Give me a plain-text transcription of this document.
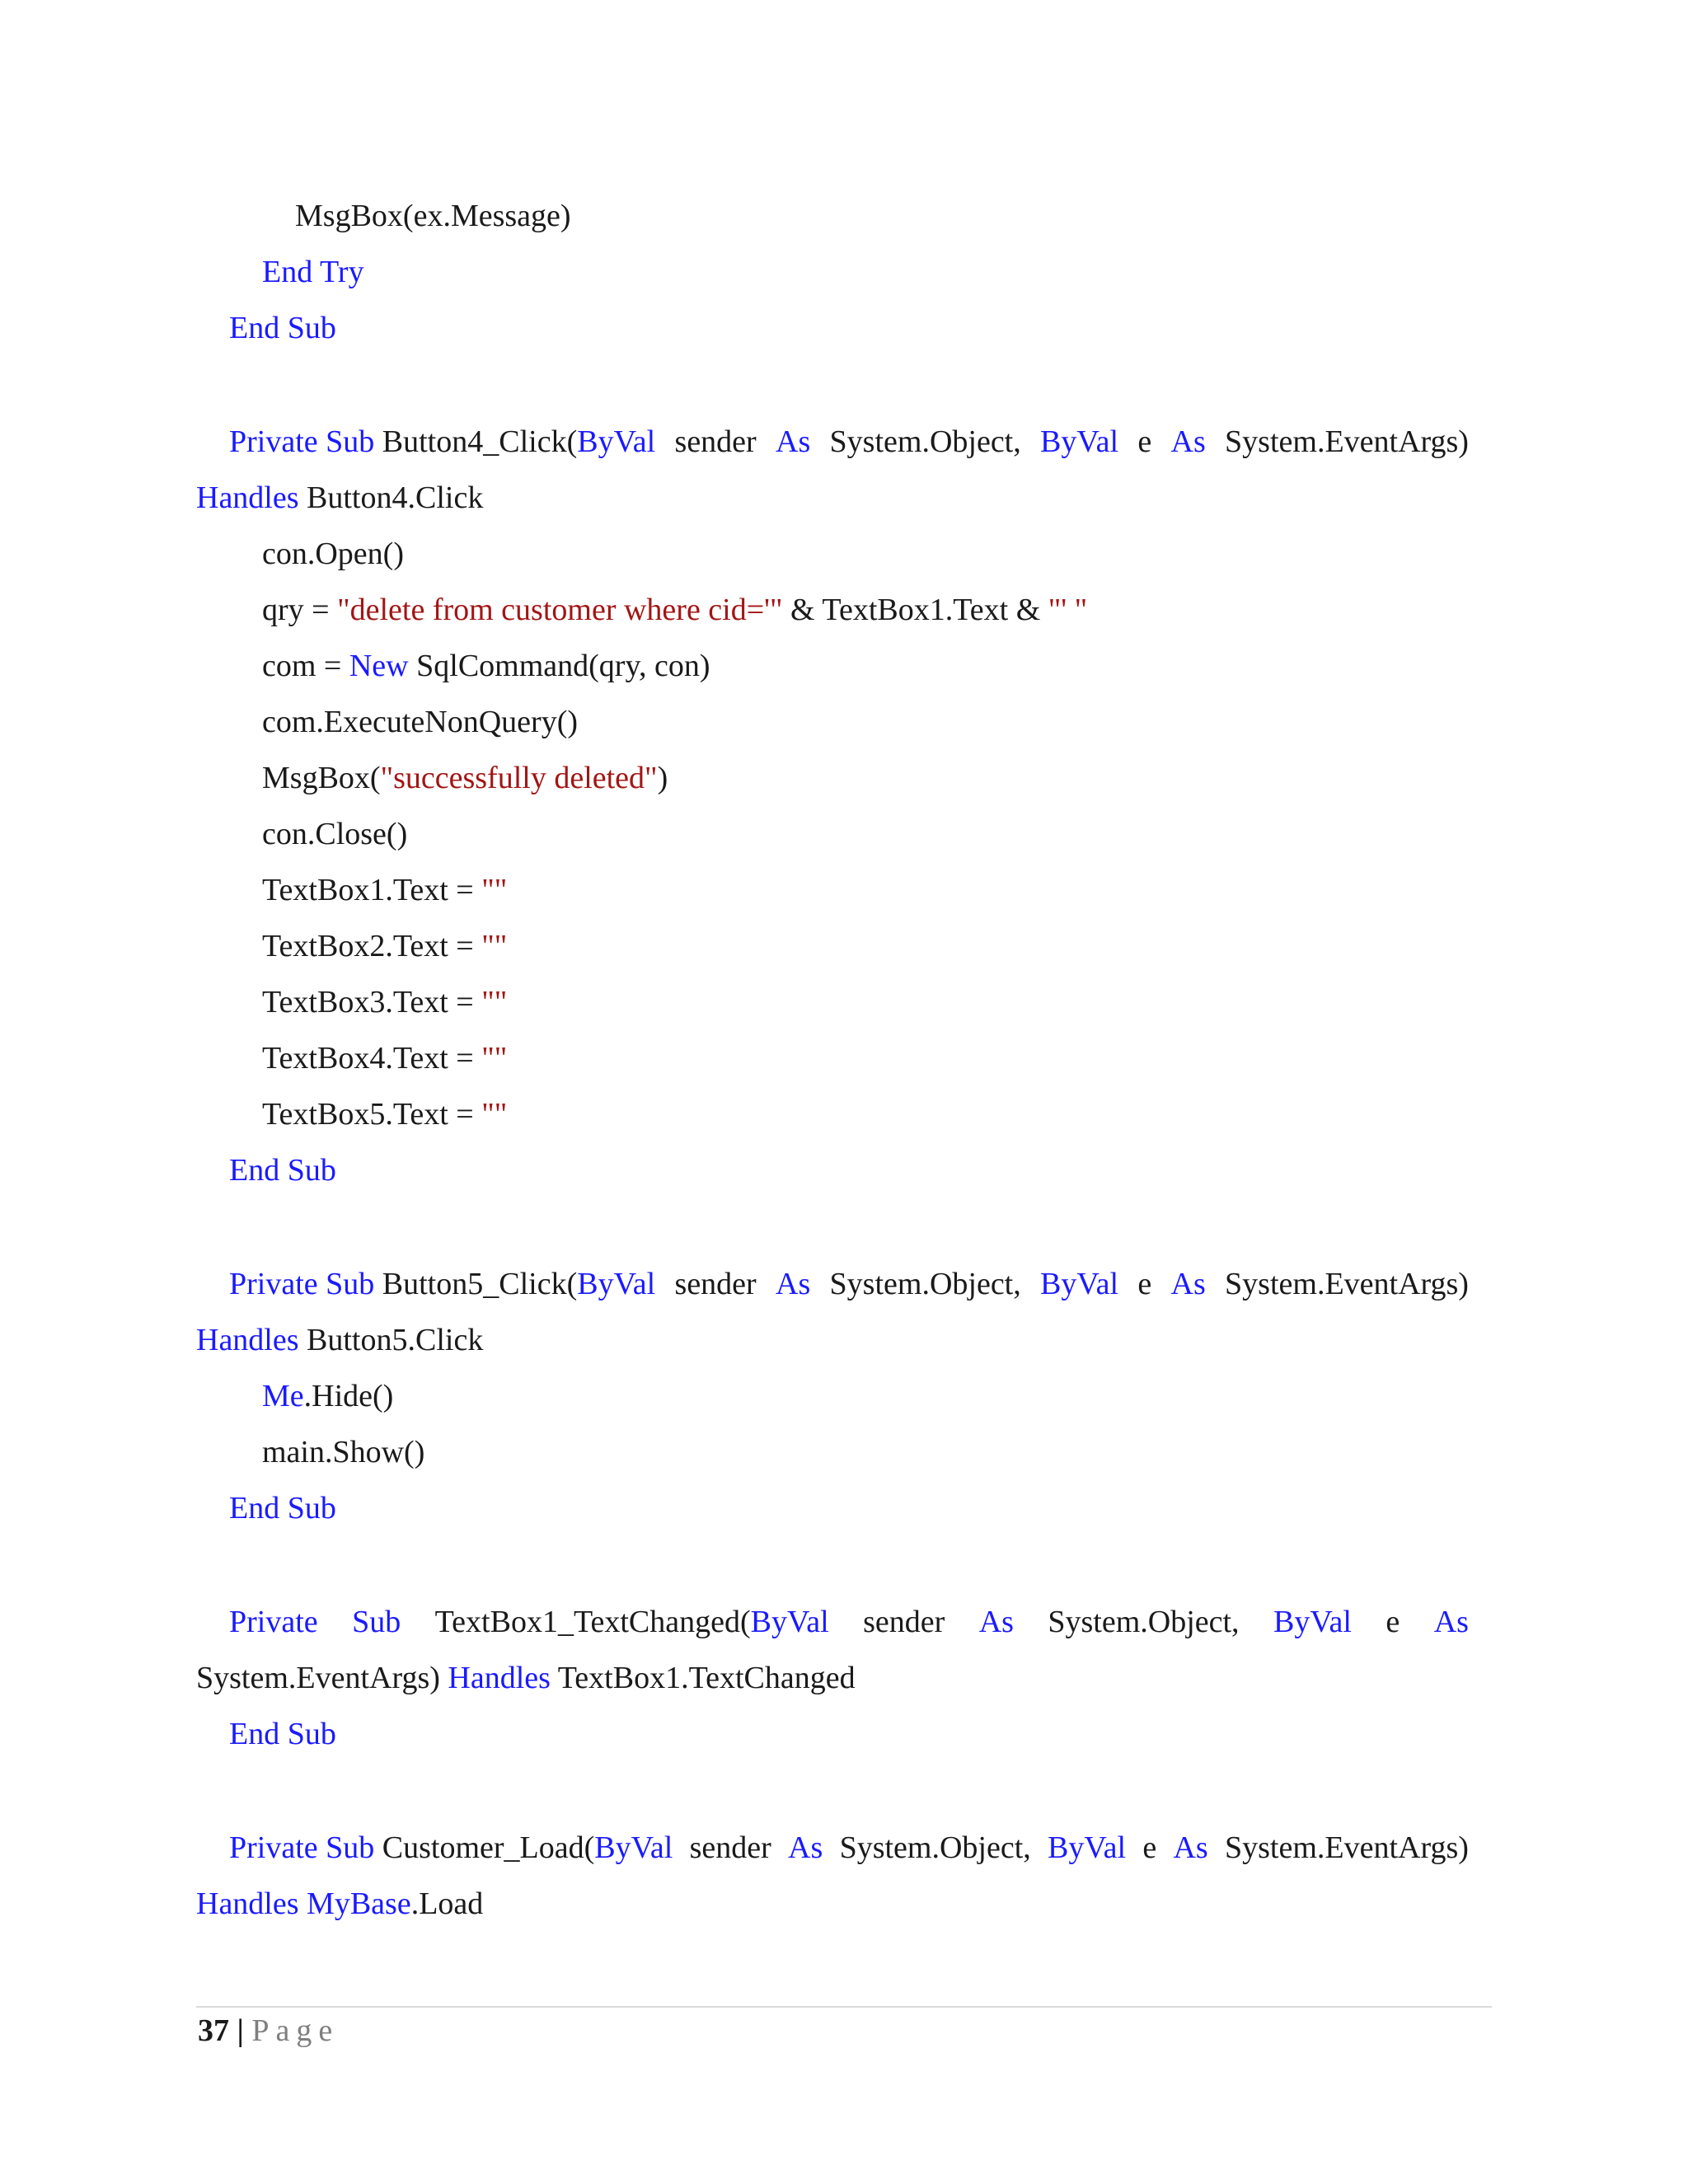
MsgBox(ex.Message)
End Try
End Sub
Private Sub Button4_Click(ByVal sender As System.Object, ByVal e As System.EventArgs)
Handles Button4.Click
con.Open()
qry = "delete from customer where cid='" & TextBox1.Text & "' "
com = New SqlCommand(qry, con)
com.ExecuteNonQuery()
MsgBox("successfully deleted")
con.Close()
TextBox1.Text = ""
TextBox2.Text = ""
TextBox3.Text = ""
TextBox4.Text = ""
TextBox5.Text = ""
End Sub
Private Sub Button5_Click(ByVal sender As System.Object, ByVal e As System.EventArgs)
Handles Button5.Click
Me.Hide()
main.Show()
End Sub
Private Sub TextBox1_TextChanged(ByVal sender As System.Object, ByVal e As
System.EventArgs) Handles TextBox1.TextChanged
End Sub
Private Sub Customer_Load(ByVal sender As System.Object, ByVal e As System.EventArgs)
Handles MyBase.Load
37 | Page
